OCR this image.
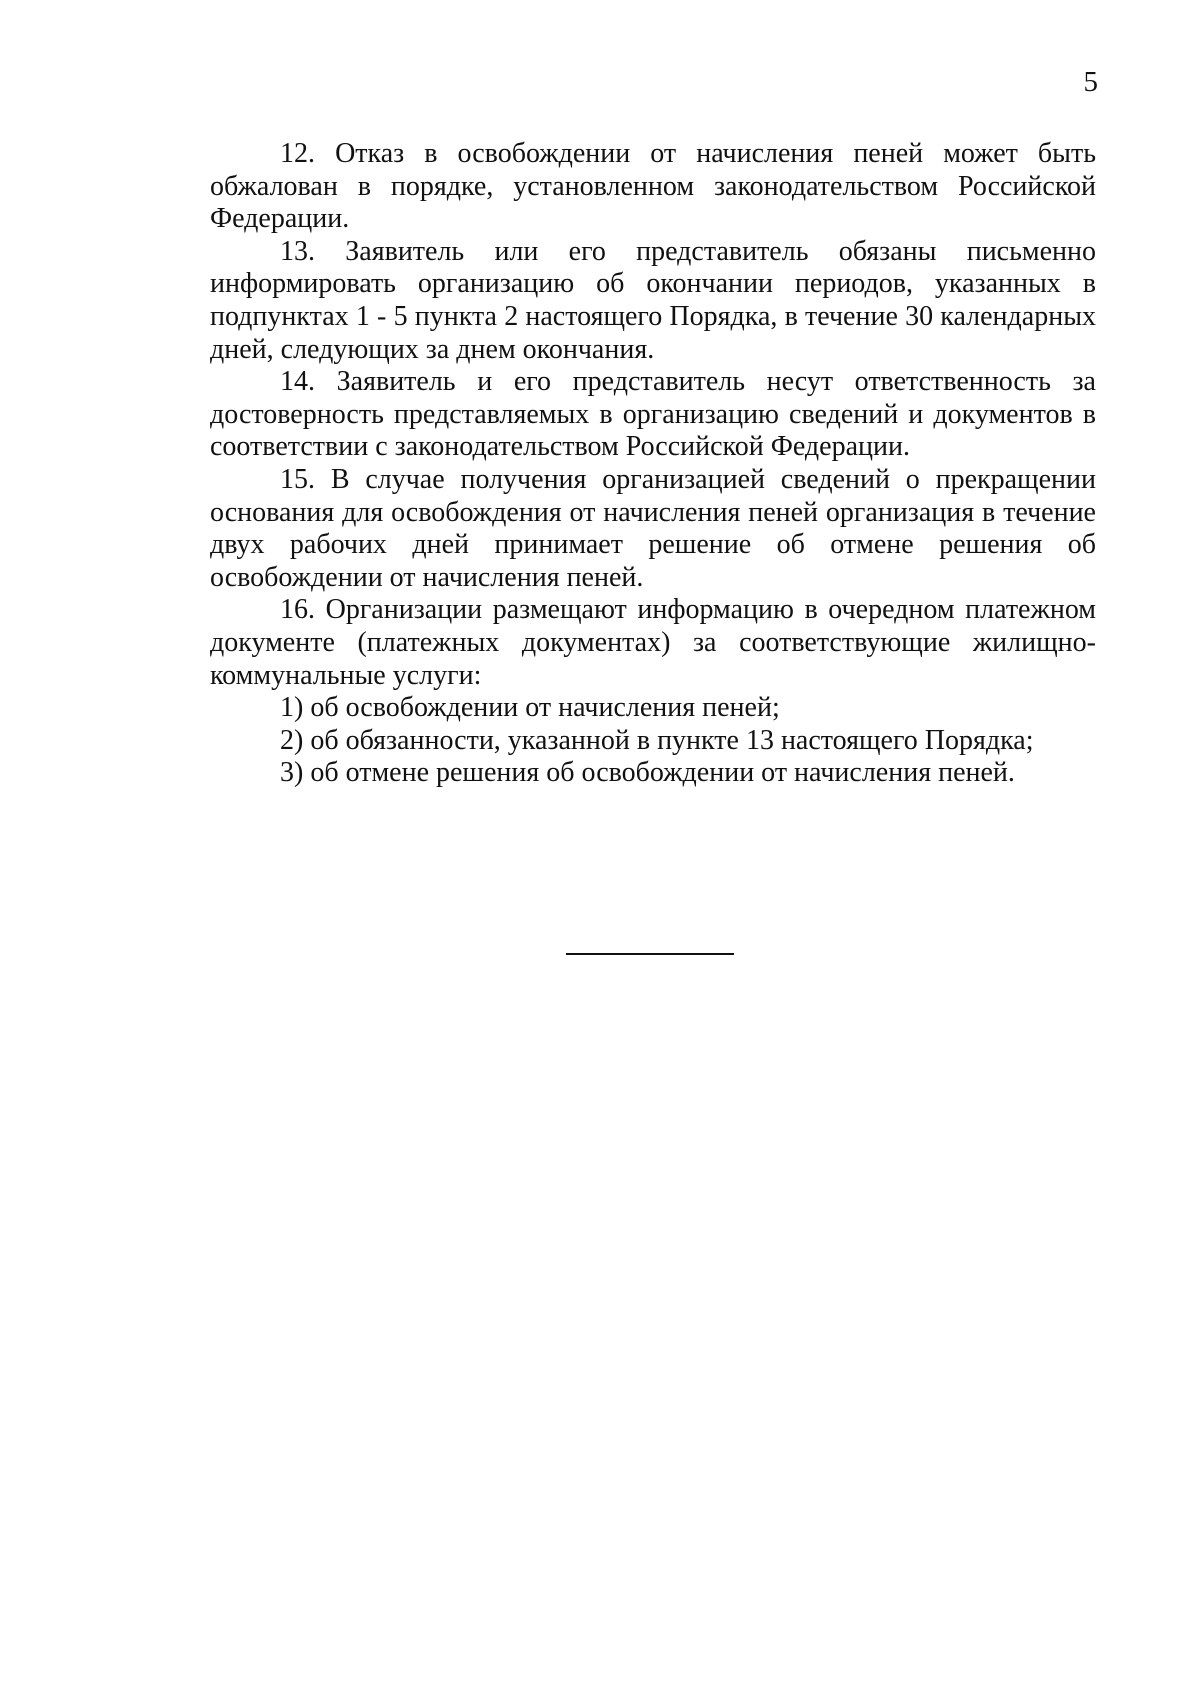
5

12. Отказ в освобождении от начисления пеней может быть обжалован в порядке, установленном законодательством Российской Федерации.

13. Заявитель или его представитель обязаны письменно информировать организацию об окончании периодов, указанных в подпунктах 1 - 5 пункта 2 настоящего Порядка, в течение 30 календарных дней, следующих за днем окончания.

14. Заявитель и его представитель несут ответственность за достоверность представляемых в организацию сведений и документов в соответствии с законодательством Российской Федерации.

15. В случае получения организацией сведений о прекращении основания для освобождения от начисления пеней организация в течение двух рабочих дней принимает решение об отмене решения об освобождении от начисления пеней.

16. Организации размещают информацию в очередном платежном документе (платежных документах) за соответствующие жилищно-коммунальные услуги:

1) об освобождении от начисления пеней;

2) об обязанности, указанной в пункте 13 настоящего Порядка;

3) об отмене решения об освобождении от начисления пеней.
